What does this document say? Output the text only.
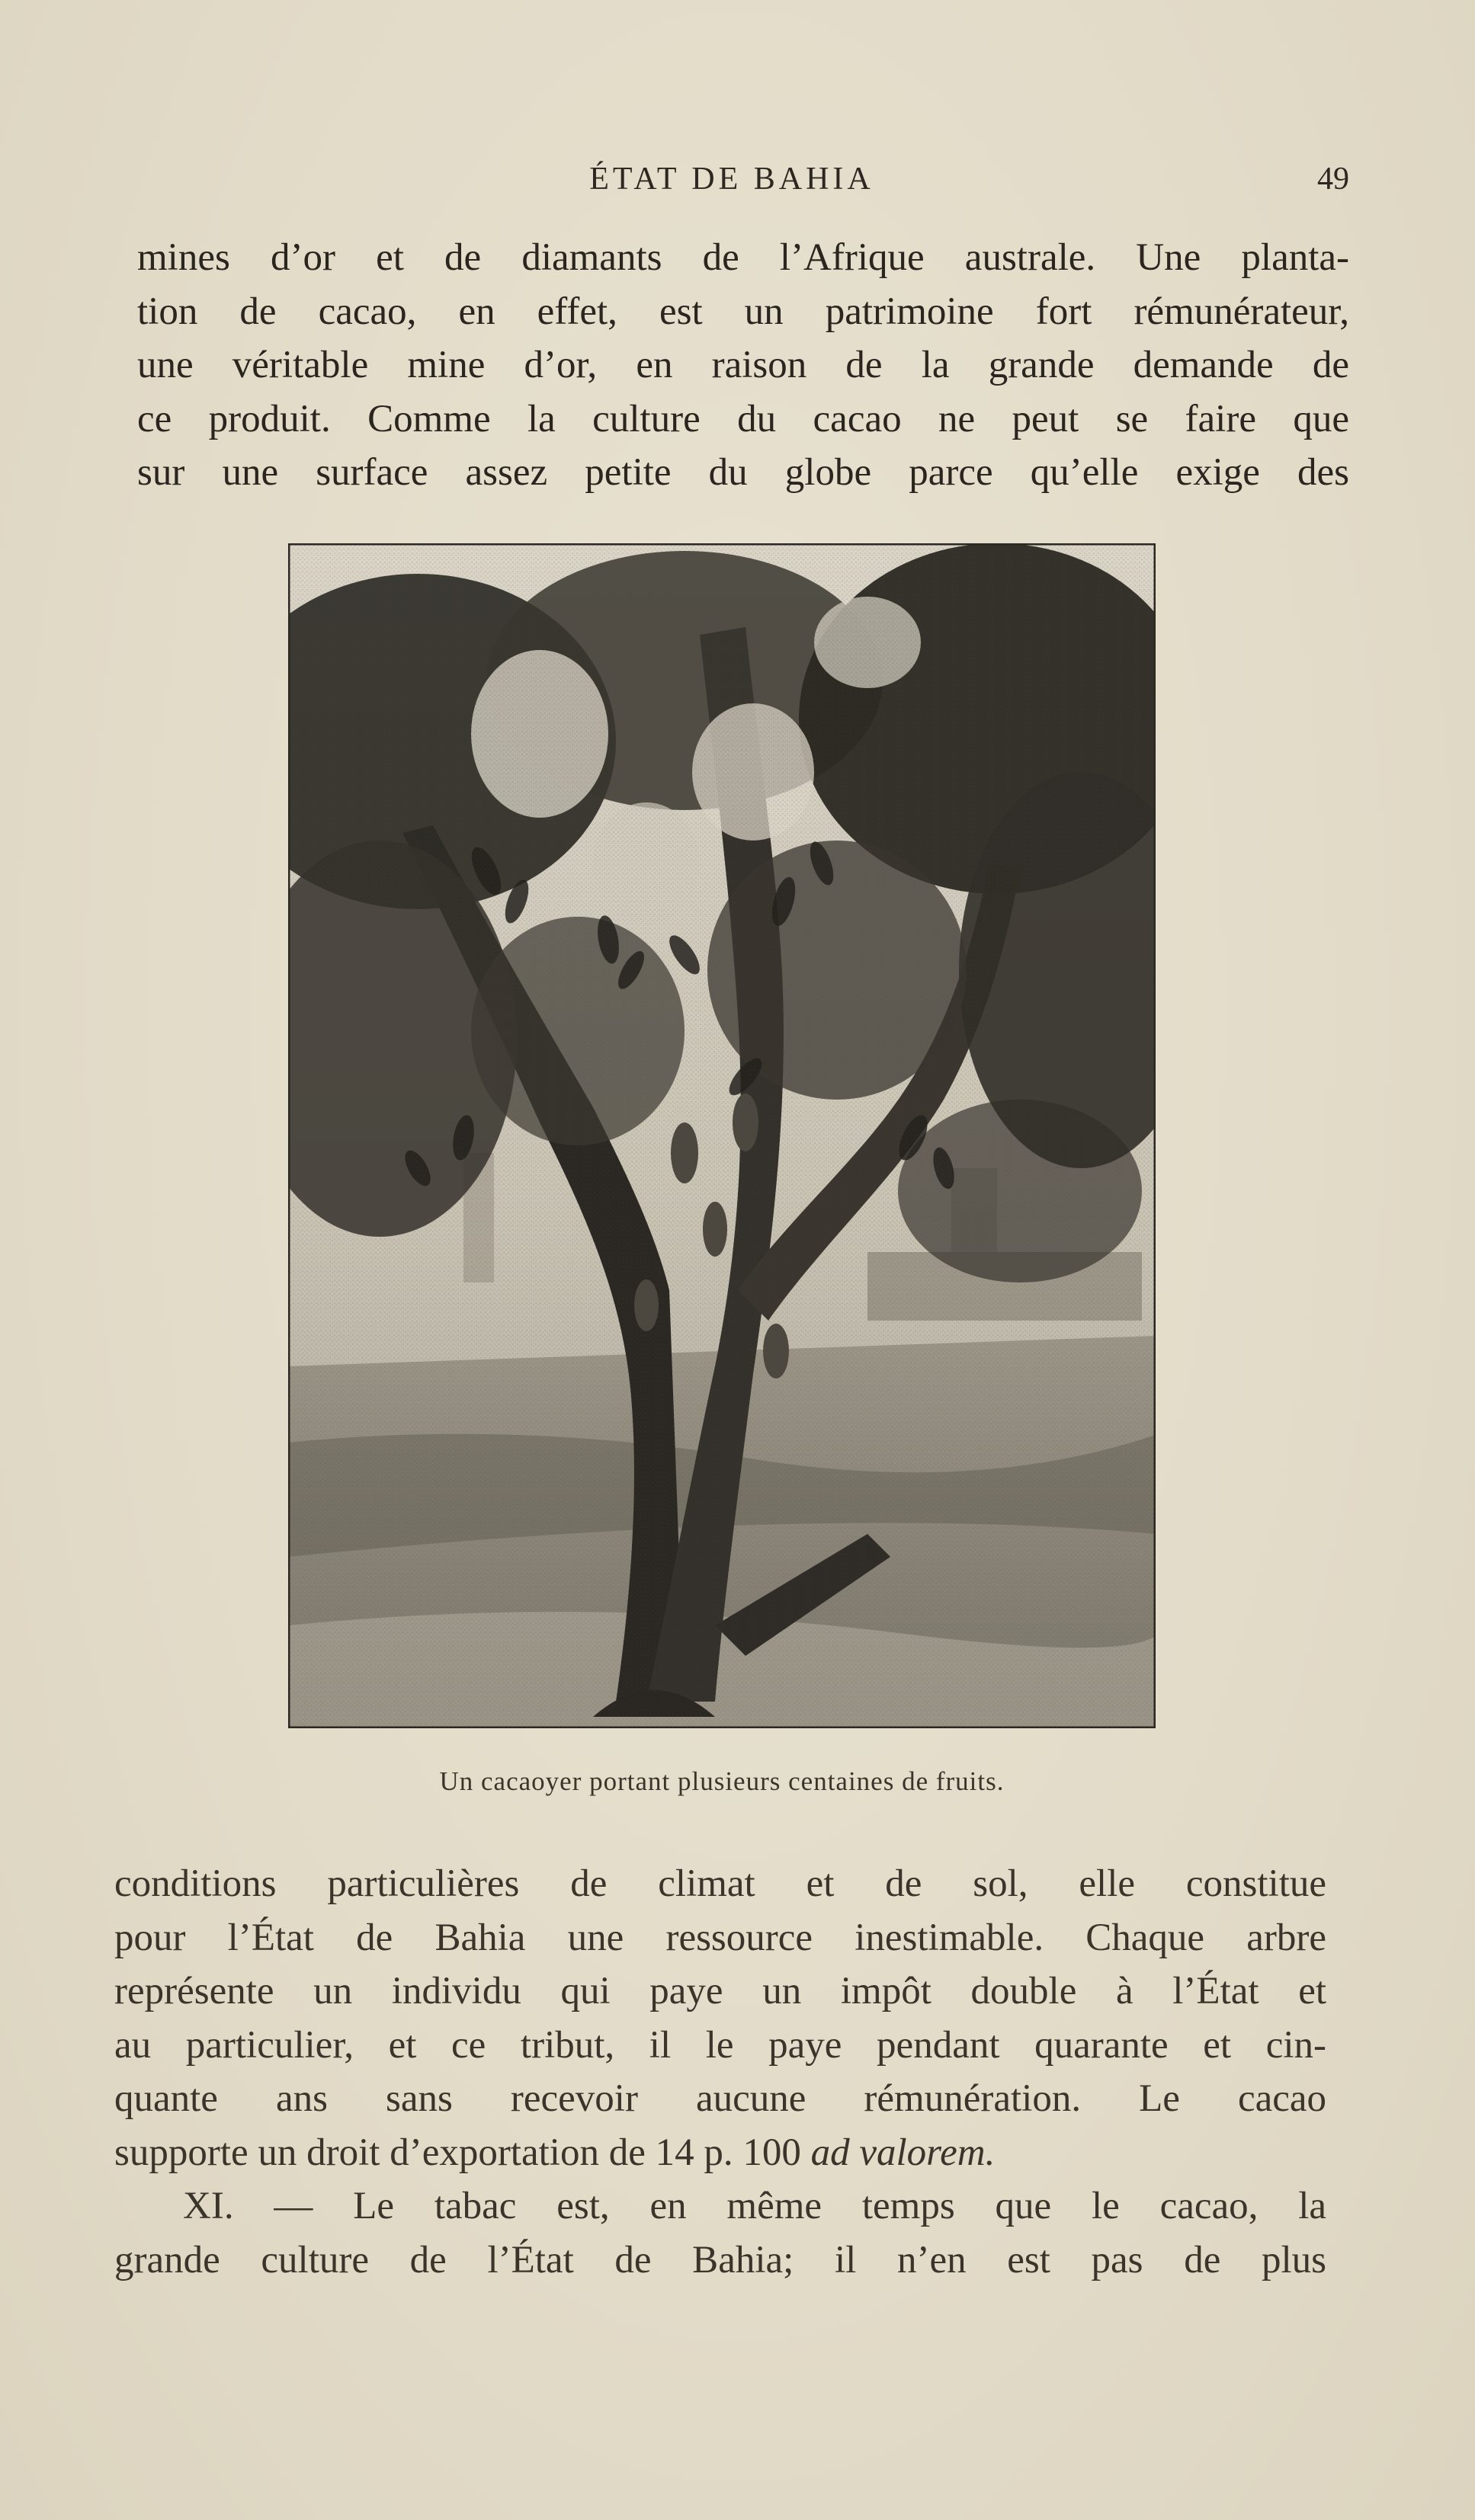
ÉTAT DE BAHIA	49
mines d’or et de diamants de l’Afrique australe. Une planta-
tion de cacao, en effet, est un patrimoine fort rémunérateur,
une véritable mine d’or, en raison de la grande demande de
ce produit. Comme la culture du cacao ne peut se faire que
sur une surface assez petite du globe parce qu’elle exige des
Un cacaoyer portant plusieurs centaines de fruits.
conditions particulières de climat et de sol, elle constitue
pour l’État de Bahia une ressource inestimable. Chaque arbre
représente un individu qui paye un impôt double à l’État et
au particulier, et ce tribut, il le paye pendant quarante et cin-
quante ans sans recevoir aucune rémunération. Le cacao
supporte un droit d’exportation de 14 p. 100 ad valorem.
XI. — Le tabac est, en même temps que le cacao, la
grande culture de l’État de Bahia; il n’en est pas de plus
